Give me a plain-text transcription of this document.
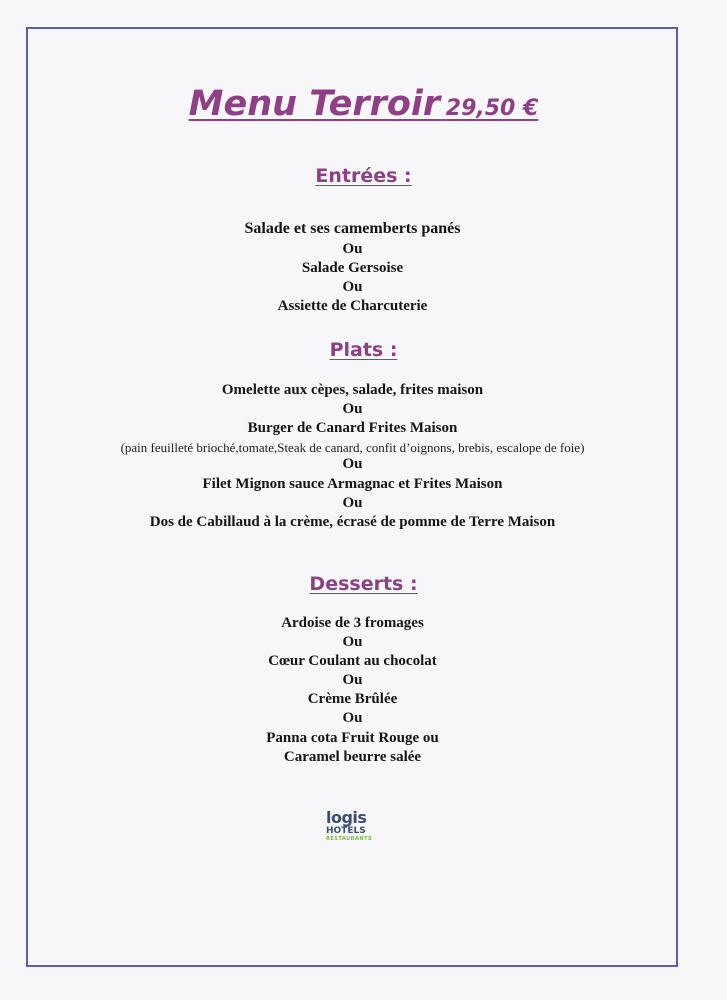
Menu Terroir 29,50 €
Entrées :
Salade et ses camemberts panés
Ou
Salade Gersoise
Ou
Assiette de Charcuterie
Plats :
Omelette aux cèpes, salade, frites maison
Ou
Burger de Canard Frites Maison
(pain feuilleté brioché,tomate,Steak de canard, confit d’oignons, brebis, escalope de foie)
Ou
Filet Mignon sauce Armagnac et Frites Maison
Ou
Dos de Cabillaud à la crème, écrasé de pomme de Terre Maison
Desserts :
Ardoise de 3 fromages
Ou
Cœur Coulant au chocolat
Ou
Crème Brûlée
Ou
Panna cota Fruit Rouge ou
Caramel beurre salée
logis
HOTELS
RESTAURANTS
